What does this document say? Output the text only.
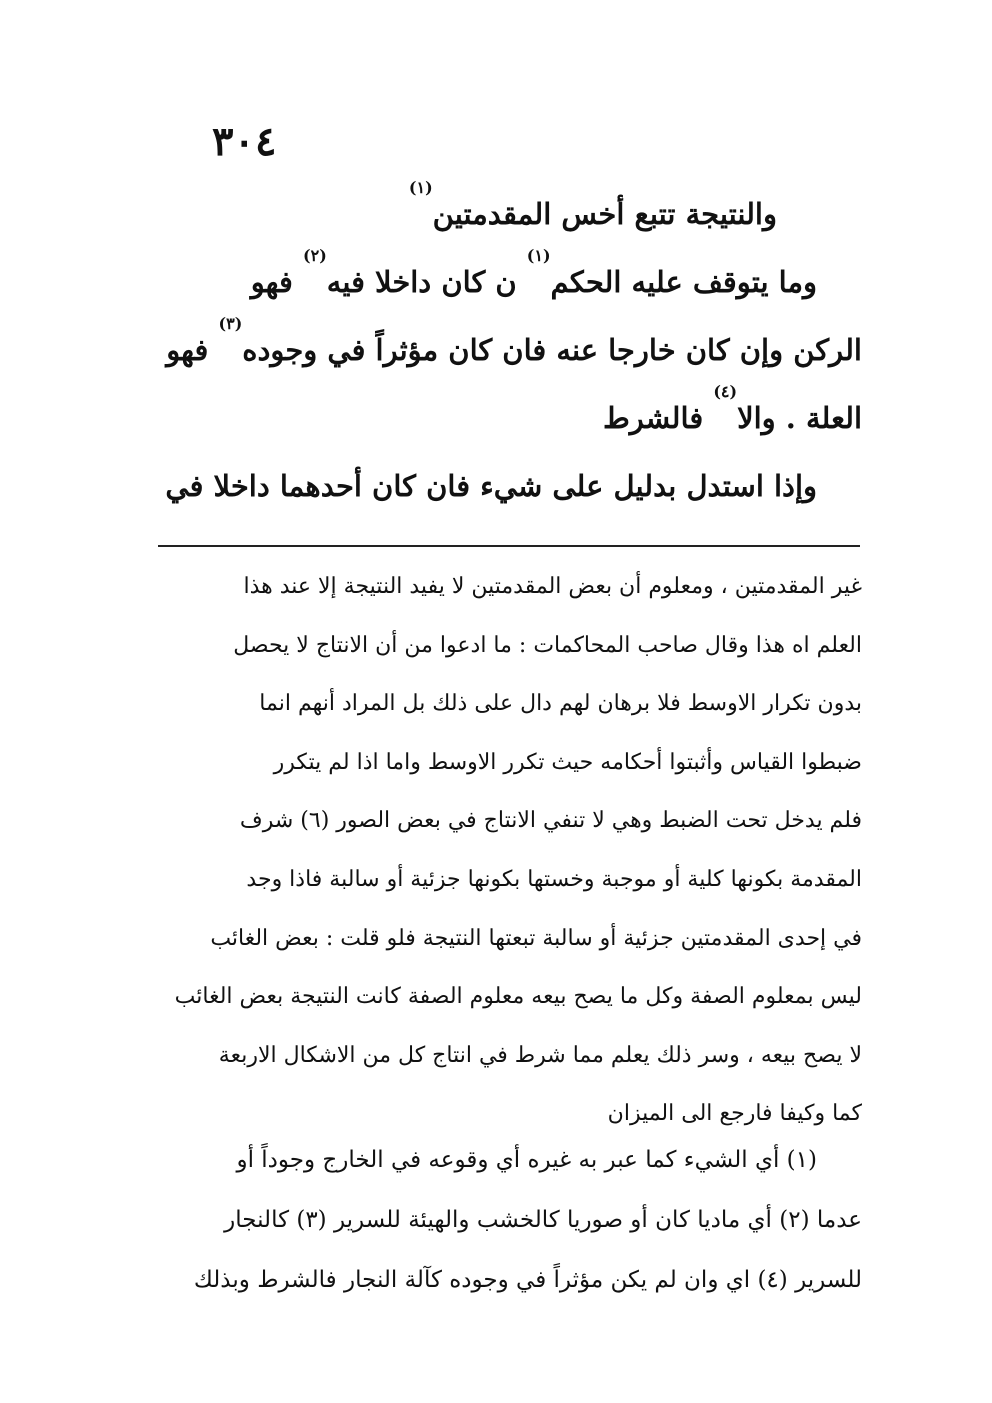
٣٠٤
والنتيجة تتبع أخس المقدمتين$^{(١)}$
وما يتوقف عليه الحكم$^{(١)}$ ن كان داخلا فيه$^{(٢)}$ فهو
الركن وإن كان خارجا عنه فان كان مؤثراً في وجوده$^{(٣)}$ فهو
العلة . والا$^{(٤)}$ فالشرط
وإذا استدل بدليل على شيء فان كان أحدهما داخلا في
غير المقدمتين ، ومعلوم أن بعض المقدمتين لا يفيد النتيجة إلا عند هذا
العلم اه هذا وقال صاحب المحاكمات : ما ادعوا من أن الانتاج لا يحصل
بدون تكرار الاوسط فلا برهان لهم دال على ذلك بل المراد أنهم انما
ضبطوا القياس وأثبتوا أحكامه حيث تكرر الاوسط واما اذا لم يتكرر
فلم يدخل تحت الضبط وهي لا تنفي الانتاج في بعض الصور (٦) شرف
المقدمة بكونها كلية أو موجبة وخستها بكونها جزئية أو سالبة فاذا وجد
في إحدى المقدمتين جزئية أو سالبة تبعتها النتيجة فلو قلت : بعض الغائب
ليس بمعلوم الصفة وكل ما يصح بيعه معلوم الصفة كانت النتيجة بعض الغائب
لا يصح بيعه ، وسر ذلك يعلم مما شرط في انتاج كل من الاشكال الاربعة
كما وكيفا فارجع الى الميزان
(١) أي الشيء كما عبر به غيره أي وقوعه في الخارج وجوداً أو
عدما (٢) أي ماديا كان أو صوريا كالخشب والهيئة للسرير (٣) كالنجار
للسرير (٤) اي وان لم يكن مؤثراً في وجوده كآلة النجار فالشرط وبذلك
